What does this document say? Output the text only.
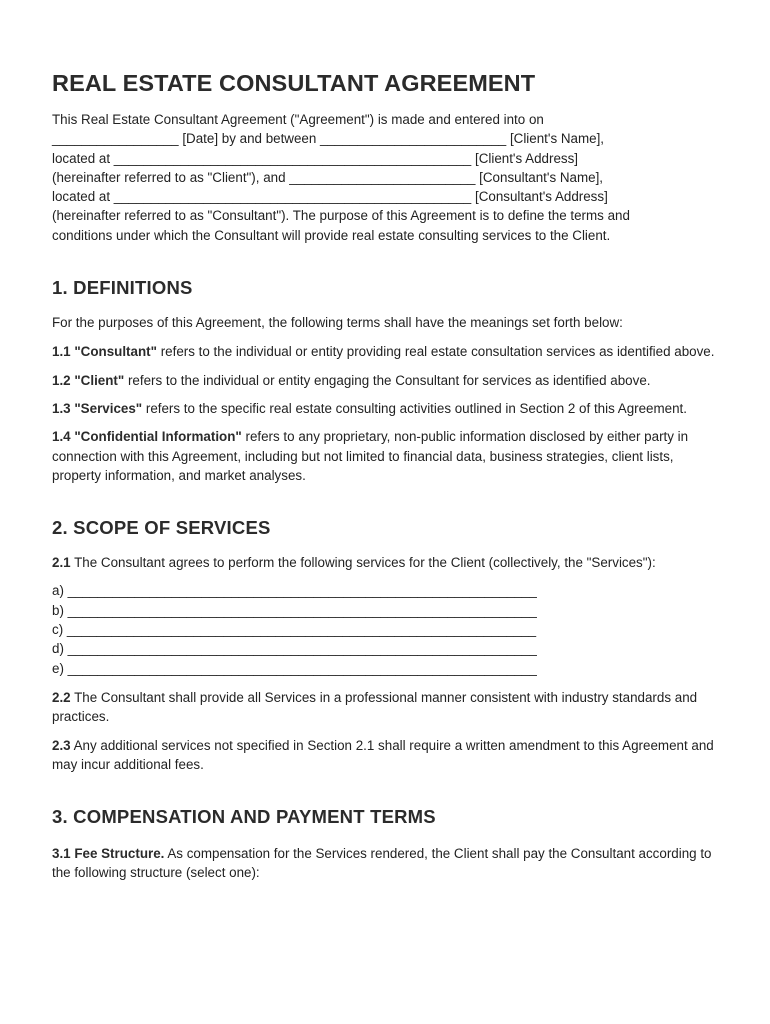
REAL ESTATE CONSULTANT AGREEMENT

This Real Estate Consultant Agreement ("Agreement") is made and entered into on
_________________ [Date] by and between _________________________ [Client's Name],
located at ________________________________________________ [Client's Address]
(hereinafter referred to as "Client"), and _________________________ [Consultant's Name],
located at ________________________________________________ [Consultant's Address]
(hereinafter referred to as "Consultant"). The purpose of this Agreement is to define the terms and
conditions under which the Consultant will provide real estate consulting services to the Client.

1. DEFINITIONS

For the purposes of this Agreement, the following terms shall have the meanings set forth below:

1.1 "Consultant" refers to the individual or entity providing real estate consultation services as identified above.

1.2 "Client" refers to the individual or entity engaging the Consultant for services as identified above.

1.3 "Services" refers to the specific real estate consulting activities outlined in Section 2 of this Agreement.

1.4 "Confidential Information" refers to any proprietary, non-public information disclosed by either party in connection with this Agreement, including but not limited to financial data, business strategies, client lists, property information, and market analyses.

2. SCOPE OF SERVICES

2.1 The Consultant agrees to perform the following services for the Client (collectively, the "Services"):

a) _______________________________________________________________
b) _______________________________________________________________
c) _______________________________________________________________
d) _______________________________________________________________
e) _______________________________________________________________

2.2 The Consultant shall provide all Services in a professional manner consistent with industry standards and practices.

2.3 Any additional services not specified in Section 2.1 shall require a written amendment to this Agreement and may incur additional fees.

3. COMPENSATION AND PAYMENT TERMS

3.1 Fee Structure. As compensation for the Services rendered, the Client shall pay the Consultant according to the following structure (select one):
